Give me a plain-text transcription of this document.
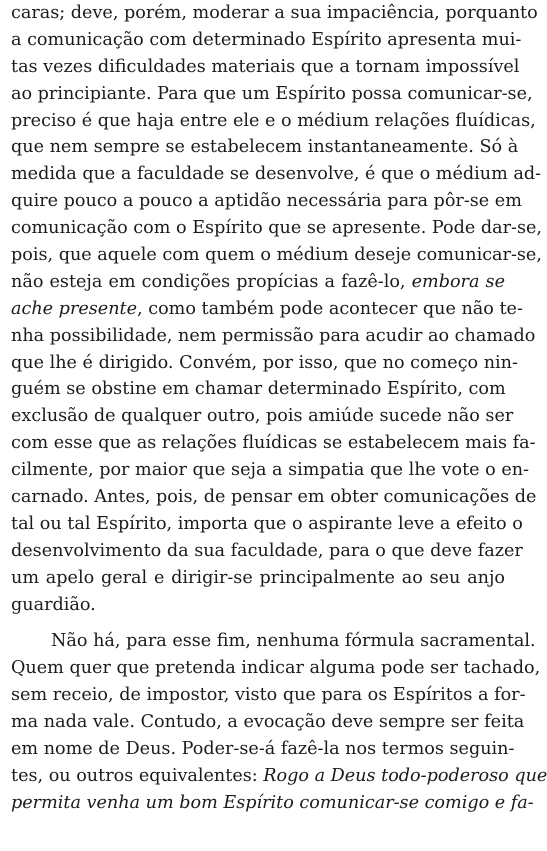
caras; deve, porém, moderar a sua impaciência, porquanto
a comunicação com determinado Espírito apresenta mui-
tas vezes dificuldades materiais que a tornam impossível
ao principiante. Para que um Espírito possa comunicar-se,
preciso é que haja entre ele e o médium relações fluídicas,
que nem sempre se estabelecem instantaneamente. Só à
medida que a faculdade se desenvolve, é que o médium ad-
quire pouco a pouco a aptidão necessária para pôr-se em
comunicação com o Espírito que se apresente. Pode dar-se,
pois, que aquele com quem o médium deseje comunicar-se,
não esteja em condições propícias a fazê-lo, embora se
ache presente, como também pode acontecer que não te-
nha possibilidade, nem permissão para acudir ao chamado
que lhe é dirigido. Convém, por isso, que no começo nin-
guém se obstine em chamar determinado Espírito, com
exclusão de qualquer outro, pois amiúde sucede não ser
com esse que as relações fluídicas se estabelecem mais fa-
cilmente, por maior que seja a simpatia que lhe vote o en-
carnado. Antes, pois, de pensar em obter comunicações de
tal ou tal Espírito, importa que o aspirante leve a efeito o
desenvolvimento da sua faculdade, para o que deve fazer
um apelo geral e dirigir-se principalmente ao seu anjo
guardião.
Não há, para esse fim, nenhuma fórmula sacramental.
Quem quer que pretenda indicar alguma pode ser tachado,
sem receio, de impostor, visto que para os Espíritos a for-
ma nada vale. Contudo, a evocação deve sempre ser feita
em nome de Deus. Poder-se-á fazê-la nos termos seguin-
tes, ou outros equivalentes: Rogo a Deus todo-poderoso que
permita venha um bom Espírito comunicar-se comigo e fa-
